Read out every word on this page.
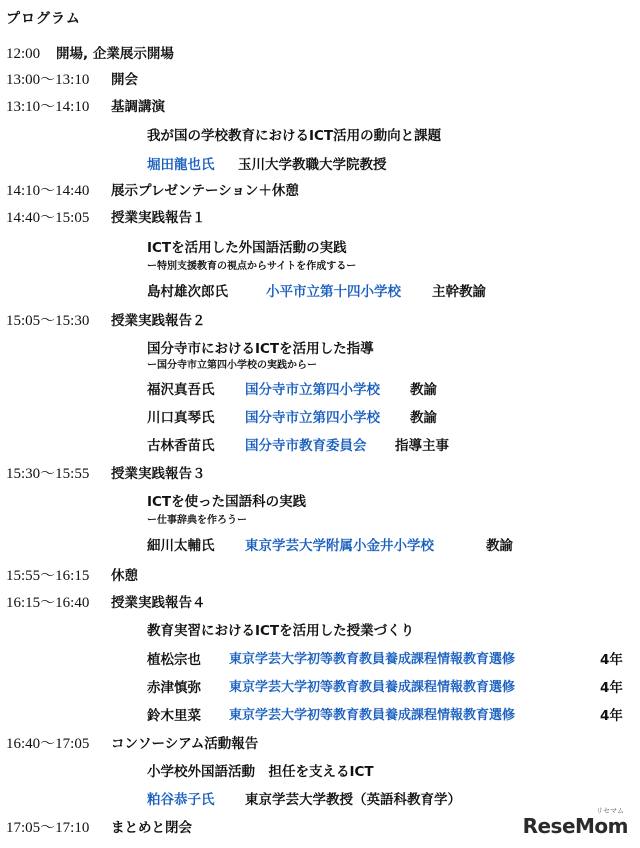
プログラム
12:00 開場, 企業展示開場
13:00〜13:10 開会
13:10〜14:10 基調講演
我が国の学校教育におけるICT活用の動向と課題
堀田龍也氏 玉川大学教職大学院教授
14:10〜14:40 展示プレゼンテーション＋休憩
14:40〜15:05 授業実践報告１
ICTを活用した外国語活動の実践
ー特別支援教育の視点からサイトを作成するー
島村雄次郎氏	小平市立第十四小学校 主幹教諭
15:05〜15:30 授業実践報告２
国分寺市におけるICTを活用した指導
ー国分寺市立第四小学校の実践からー
福沢真吾氏 国分寺市立第四小学校 教諭
川口真琴氏 国分寺市立第四小学校 教諭
古林香苗氏 国分寺市教育委員会 指導主事
15:30〜15:55 授業実践報告３
ICTを使った国語科の実践
ー仕事辞典を作ろうー
細川太輔氏 東京学芸大学附属小金井小学校	教諭
15:55〜16:15 休憩
16:15〜16:40 授業実践報告４
教育実習におけるICTを活用した授業づくり
植松宗也 東京学芸大学初等教育教員養成課程情報教育選修	4年
赤津慎弥 東京学芸大学初等教育教員養成課程情報教育選修	4年
鈴木里菜 東京学芸大学初等教育教員養成課程情報教育選修	4年
16:40〜17:05 コンソーシアム活動報告
小学校外国語活動　担任を支えるICT
粕谷恭子氏 東京学芸大学教授（英語科教育学）
17:05〜17:10 まとめと閉会
リセマム
ReseMom
